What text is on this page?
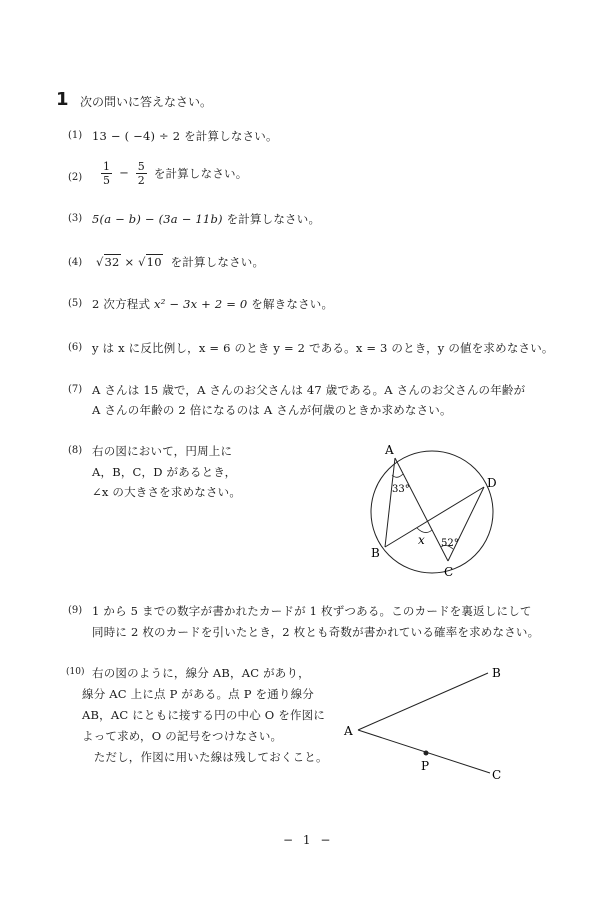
1 次の問いに答えなさい。
(1) 13 − ( −4) ÷ 2 を計算しなさい。
$(2) \frac{1}{5} - \frac{5}{2}$ を計算しなさい。
(3) 5(a − b) − (3a − 11b) を計算しなさい。
(4) √32 × √10 を計算しなさい。
(5) 2 次方程式 x² − 3x + 2 = 0 を解きなさい。
(6) y は x に反比例し，x = 6 のとき y = 2 である。x = 3 のとき，y の値を求めなさい。
(7) A さんは 15 歳で，A さんのお父さんは 47 歳である。A さんのお父さんの年齢が
A さんの年齢の 2 倍になるのは A さんが何歳のときか求めなさい。
(8) 右の図において，円周上に
A，B，C，D があるとき，
∠x の大きさを求めなさい。
A
B
C
D
33°
52°
x
(9) 1 から 5 までの数字が書かれたカードが 1 枚ずつある。このカードを裏返しにして
同時に 2 枚のカードを引いたとき，2 枚とも奇数が書かれている確率を求めなさい。
(10) 右の図のように，線分 AB，AC があり，
線分 AC 上に点 P がある。点 P を通り線分
AB，AC にともに接する円の中心 O を作図に
よって求め，O の記号をつけなさい。
　ただし，作図に用いた線は残しておくこと。
A
B
C
P
− 1 −
